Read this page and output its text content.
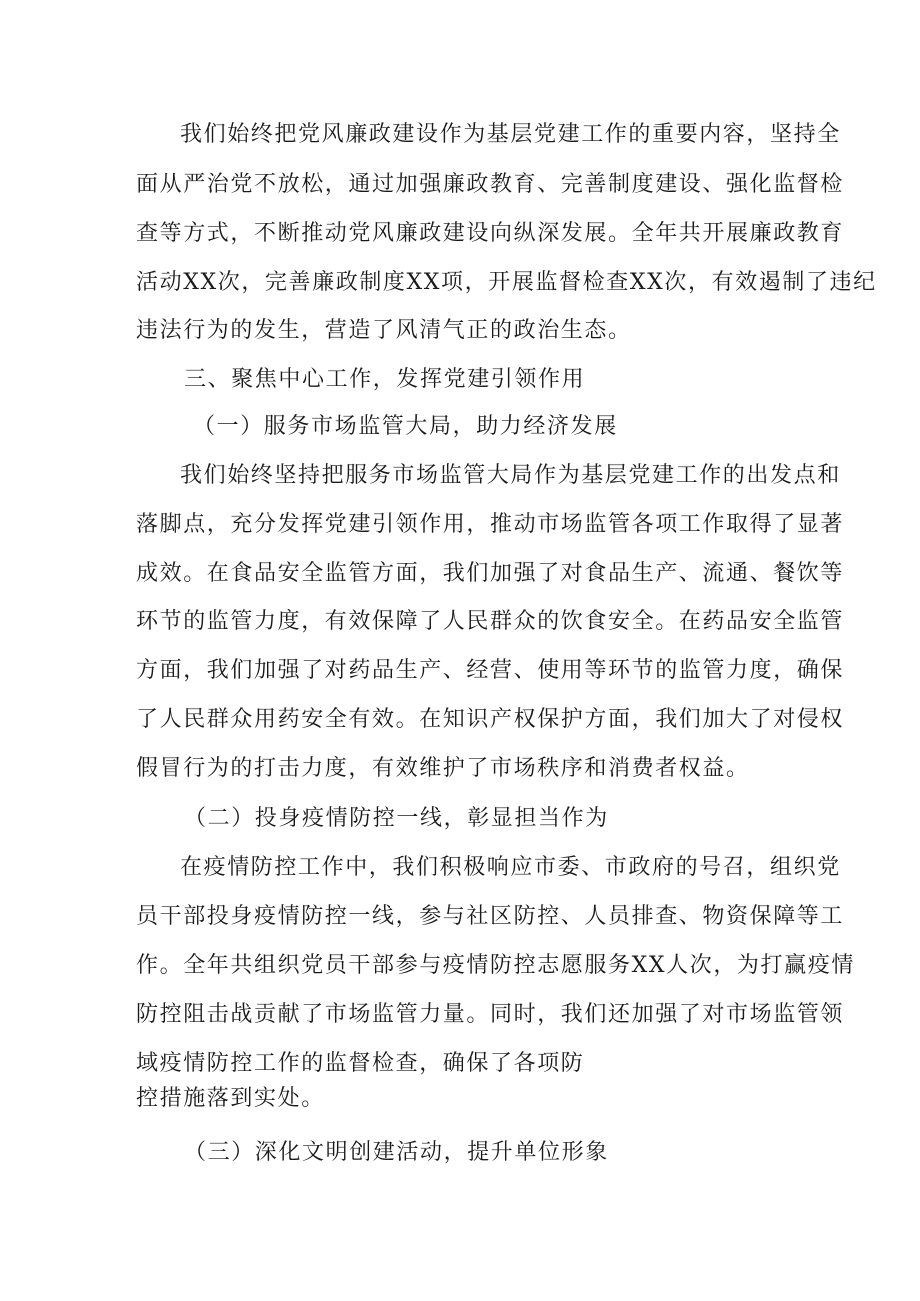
我们始终把党风廉政建设作为基层党建工作的重要内容，坚持全
面从严治党不放松，通过加强廉政教育、完善制度建设、强化监督检
查等方式，不断推动党风廉政建设向纵深发展。全年共开展廉政教育
活动XX次，完善廉政制度XX项，开展监督检查XX次，有效遏制了违纪
违法行为的发生，营造了风清气正的政治生态。
三、聚焦中心工作，发挥党建引领作用
（一）服务市场监管大局，助力经济发展
我们始终坚持把服务市场监管大局作为基层党建工作的出发点和
落脚点，充分发挥党建引领作用，推动市场监管各项工作取得了显著
成效。在食品安全监管方面，我们加强了对食品生产、流通、餐饮等
环节的监管力度，有效保障了人民群众的饮食安全。在药品安全监管
方面，我们加强了对药品生产、经营、使用等环节的监管力度，确保
了人民群众用药安全有效。在知识产权保护方面，我们加大了对侵权
假冒行为的打击力度，有效维护了市场秩序和消费者权益。
（二）投身疫情防控一线，彰显担当作为
在疫情防控工作中，我们积极响应市委、市政府的号召，组织党
员干部投身疫情防控一线，参与社区防控、人员排查、物资保障等工
作。全年共组织党员干部参与疫情防控志愿服务XX人次，为打赢疫情
防控阻击战贡献了市场监管力量。同时，我们还加强了对市场监管领
域疫情防控工作的监督检查，确保了各项防
控措施落到实处。
（三）深化文明创建活动，提升单位形象
